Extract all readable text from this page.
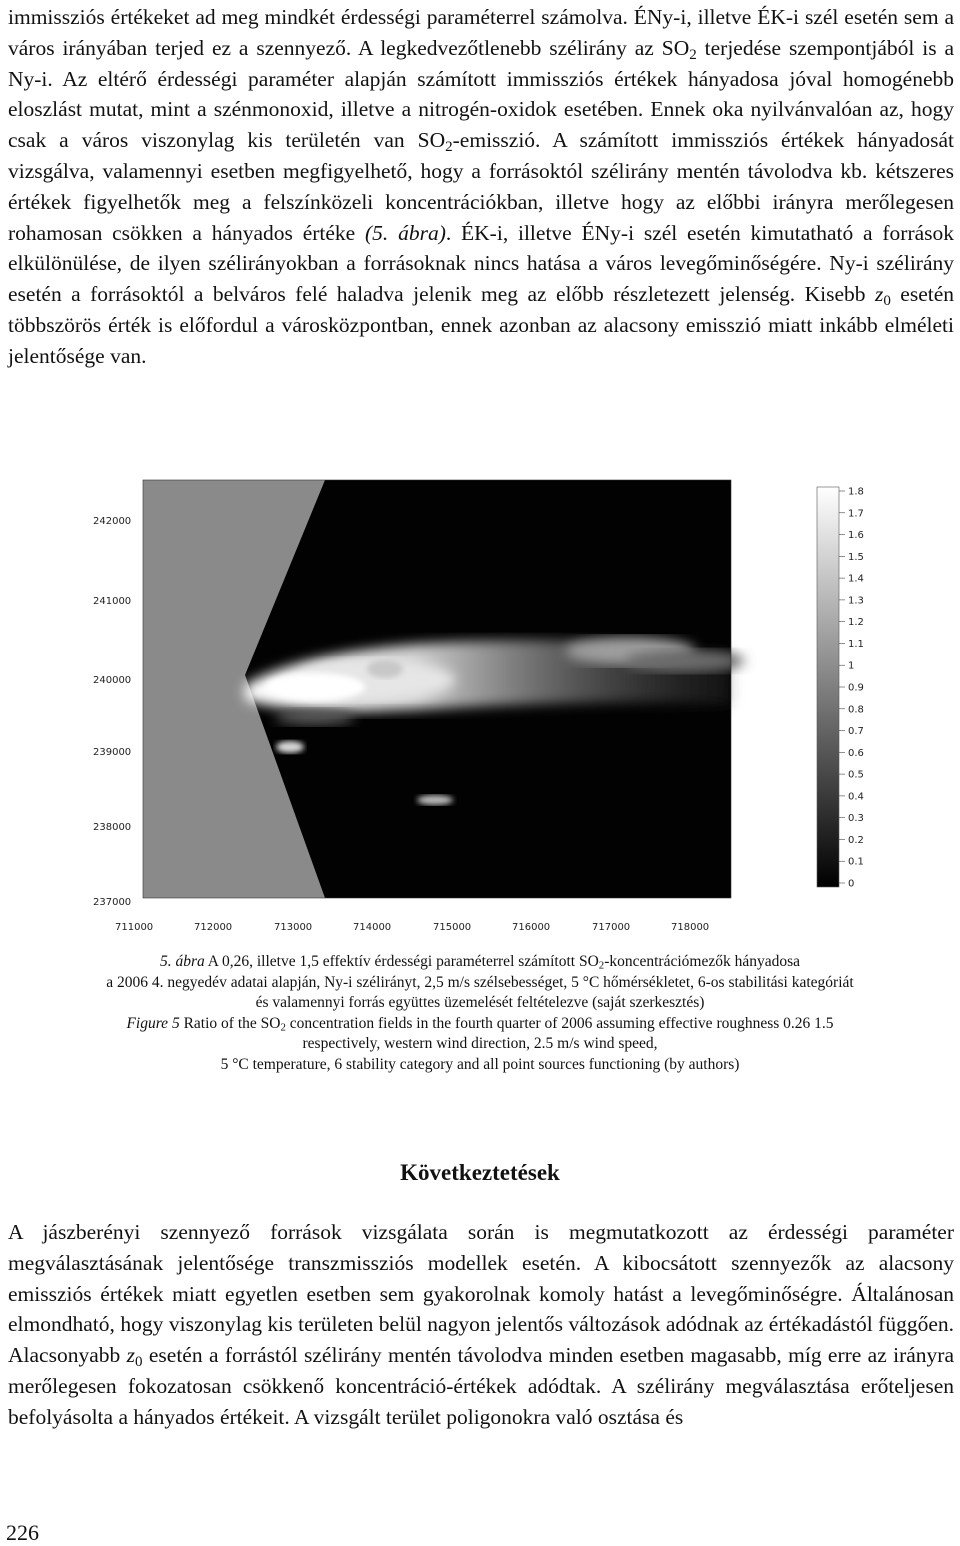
immissziós értékeket ad meg mindkét érdességi paraméterrel számolva. ÉNy-i, illetve ÉK-i szél esetén sem a város irányában terjed ez a szennyező. A legkedvezőtlenebb szélirány az $SO_2$ terjedése szempontjából is a Ny-i. Az eltérő érdességi paraméter alapján számított immissziós értékek hányadosa jóval homogénebb eloszlást mutat, mint a szénmonoxid, illetve a nitrogén-oxidok esetében. Ennek oka nyilvánvalóan az, hogy csak a város viszonylag kis területén van $SO_2$-emisszió. A számított immissziós értékek hányadosát vizsgálva, valamennyi esetben megfigyelhető, hogy a forrásoktól szélirány mentén távolodva kb. kétszeres értékek figyelhetők meg a felszínközeli koncentrációkban, illetve hogy az előbbi irányra merőlegesen rohamosan csökken a hányados értéke (5. ábra). ÉK-i, illetve ÉNy-i szél esetén kimutatható a források elkülönülése, de ilyen szélirányokban a forrásoknak nincs hatása a város levegőminőségére. Ny-i szélirány esetén a forrásoktól a belváros felé haladva jelenik meg az előbb részletezett jelenség. Kisebb $z_0$ esetén többszörös érték is előfordul a városközpontban, ennek azonban az alacsony emisszió miatt inkább elméleti jelentősége van.

242000
241000
240000
239000
238000
237000
711000	712000	713000	714000	715000	716000	717000	718000
1.8
1.7
1.6
1.5
1.4
1.3
1.2
1.1
1
0.9
0.8
0.7
0.6
0.5
0.4
0.3
0.2
0.1
0
5. ábra A 0,26, illetve 1,5 effektív érdességi paraméterrel számított $SO_2$-koncentrációmezők hányadosa
a 2006 4. negyedév adatai alapján, Ny-i szélirányt, 2,5 m/s szélsebességet, 5 °C hőmérsékletet, 6-os stabilitási kategóriát
és valamennyi forrás együttes üzemelését feltételezve (saját szerkesztés)
Figure 5 Ratio of the $SO_2$ concentration fields in the fourth quarter of 2006 assuming effective roughness 0.26 1.5
respectively, western wind direction, 2.5 m/s wind speed,
5 °C temperature, 6 stability category and all point sources functioning (by authors)
Következtetések

A jászberényi szennyező források vizsgálata során is megmutatkozott az érdességi paraméter megválasztásának jelentősége transzmissziós modellek esetén. A kibocsátott szennyezők az alacsony emissziós értékek miatt egyetlen esetben sem gyakorolnak komoly hatást a levegőminőségre. Általánosan elmondható, hogy viszonylag kis területen belül nagyon jelentős változások adódnak az értékadástól függően. Alacsonyabb $z_0$ esetén a forrástól szélirány mentén távolodva minden esetben magasabb, míg erre az irányra merőlegesen fokozatosan csökkenő koncentráció-értékek adódtak. A szélirány megválasztása erőteljesen befolyásolta a hányados értékeit. A vizsgált terület poligonokra való osztása és

226
